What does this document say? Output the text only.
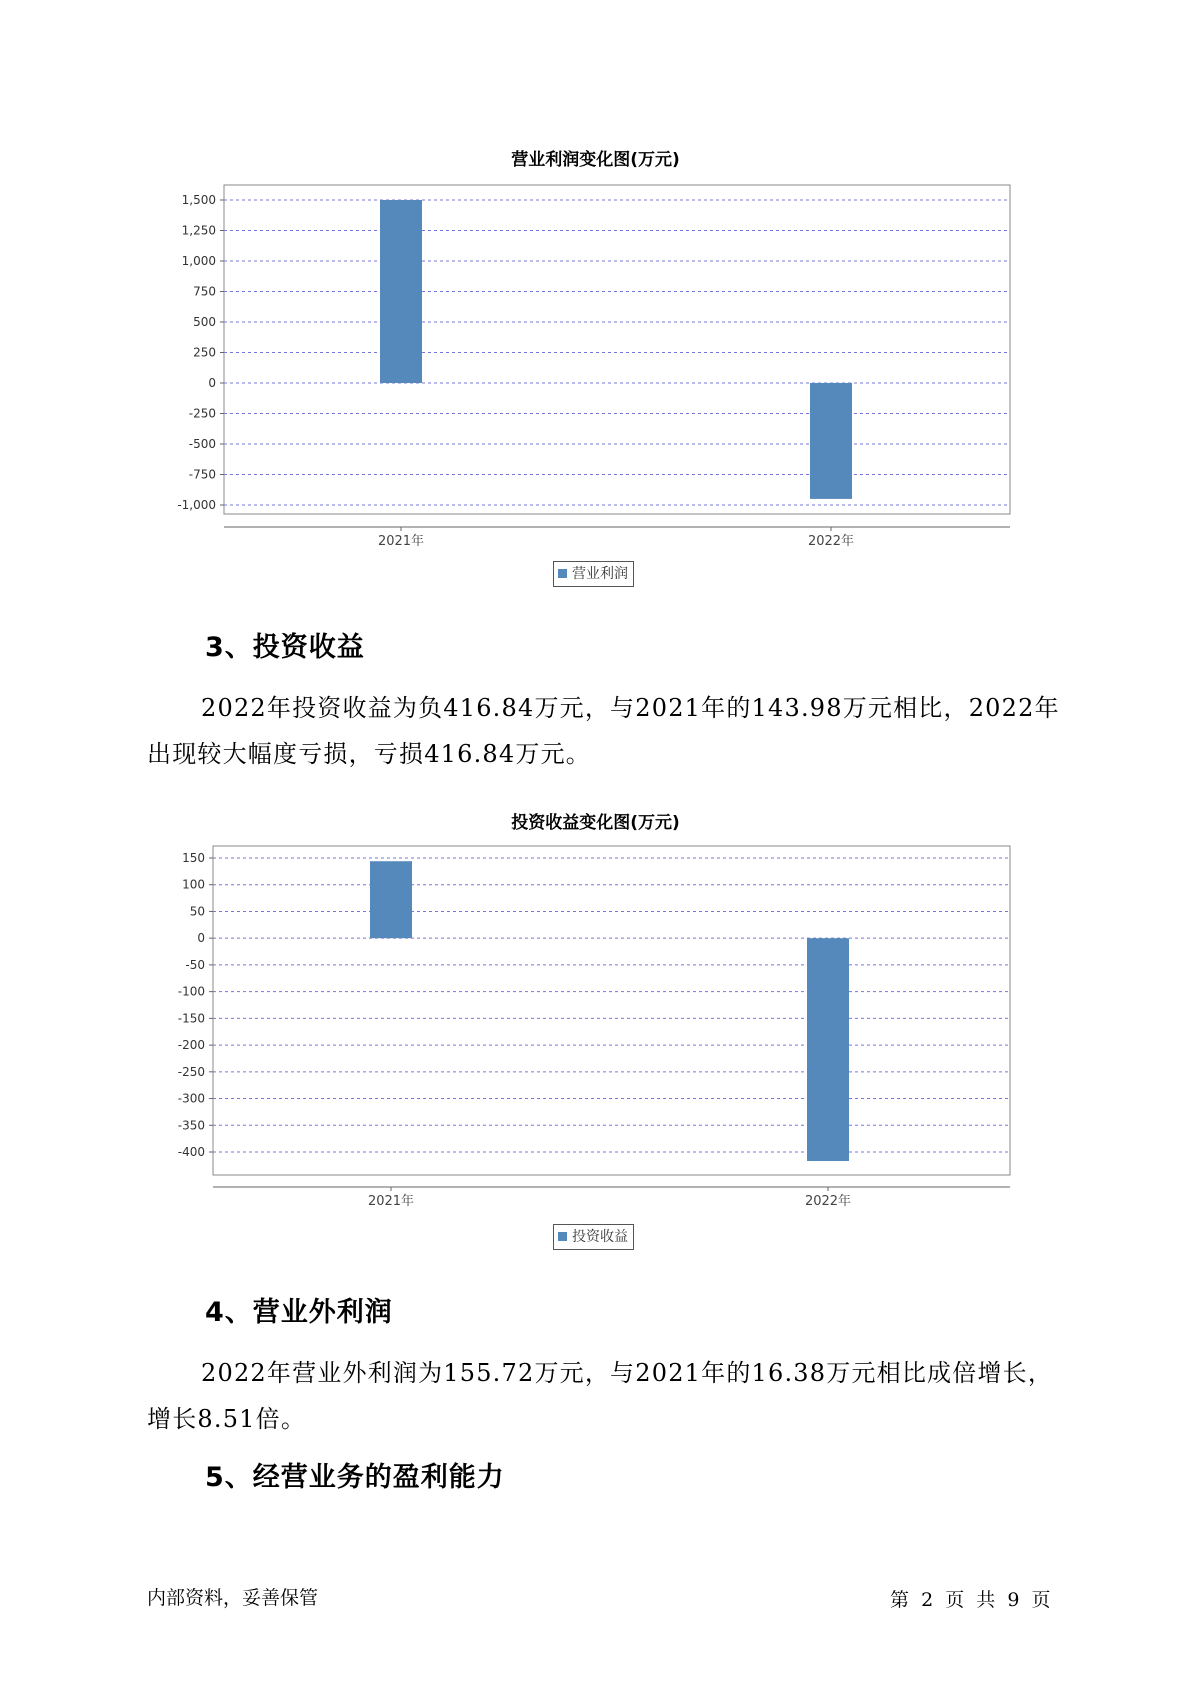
营业利润变化图(万元)
1,500
1,250
1,000
750
500
250
0
-250
-500
-750
-1,000
2021年	2022年
营业利润
3、投资收益
2022年投资收益为负416.84万元，与2021年的143.98万元相比，2022年出现较大幅度亏损，亏损416.84万元。
投资收益变化图(万元)
150
100
50
0
-50
-100
-150
-200
-250
-300
-350
-400
2021年	2022年
投资收益
4、营业外利润
2022年营业外利润为155.72万元，与2021年的16.38万元相比成倍增长，增长8.51倍。
5、经营业务的盈利能力
内部资料，妥善保管	第 2 页  共 9 页
